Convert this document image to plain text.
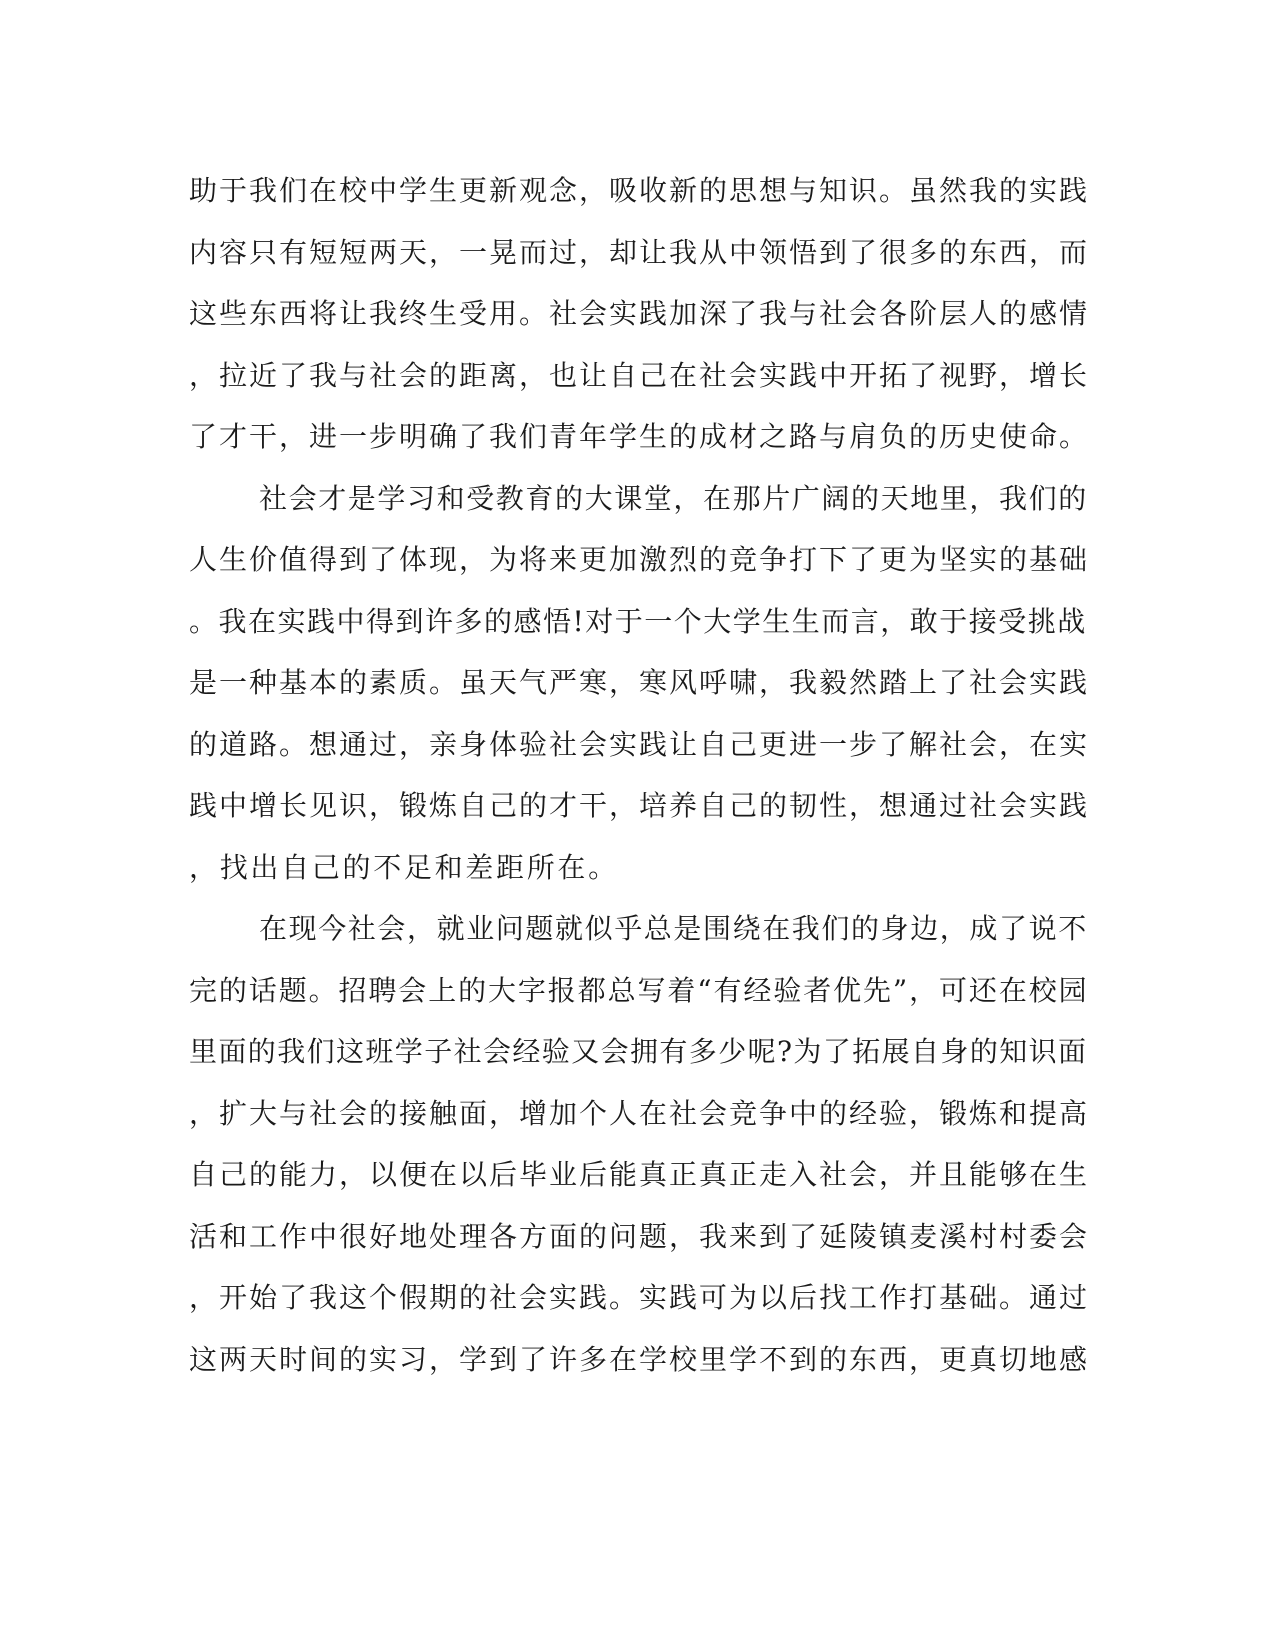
助于我们在校中学生更新观念，吸收新的思想与知识。虽然我的实践
内容只有短短两天，一晃而过，却让我从中领悟到了很多的东西，而
这些东西将让我终生受用。社会实践加深了我与社会各阶层人的感情
，拉近了我与社会的距离，也让自己在社会实践中开拓了视野，增长
了才干，进一步明确了我们青年学生的成材之路与肩负的历史使命。
社会才是学习和受教育的大课堂，在那片广阔的天地里，我们的
人生价值得到了体现，为将来更加激烈的竞争打下了更为坚实的基础
。我在实践中得到许多的感悟!对于一个大学生生而言，敢于接受挑战
是一种基本的素质。虽天气严寒，寒风呼啸，我毅然踏上了社会实践
的道路。想通过，亲身体验社会实践让自己更进一步了解社会，在实
践中增长见识，锻炼自己的才干，培养自己的韧性，想通过社会实践
，找出自己的不足和差距所在。
在现今社会，就业问题就似乎总是围绕在我们的身边，成了说不
完的话题。招聘会上的大字报都总写着“有经验者优先”，可还在校园
里面的我们这班学子社会经验又会拥有多少呢?为了拓展自身的知识面
，扩大与社会的接触面，增加个人在社会竞争中的经验，锻炼和提高
自己的能力，以便在以后毕业后能真正真正走入社会，并且能够在生
活和工作中很好地处理各方面的问题，我来到了延陵镇麦溪村村委会
，开始了我这个假期的社会实践。实践可为以后找工作打基础。通过
这两天时间的实习，学到了许多在学校里学不到的东西，更真切地感
